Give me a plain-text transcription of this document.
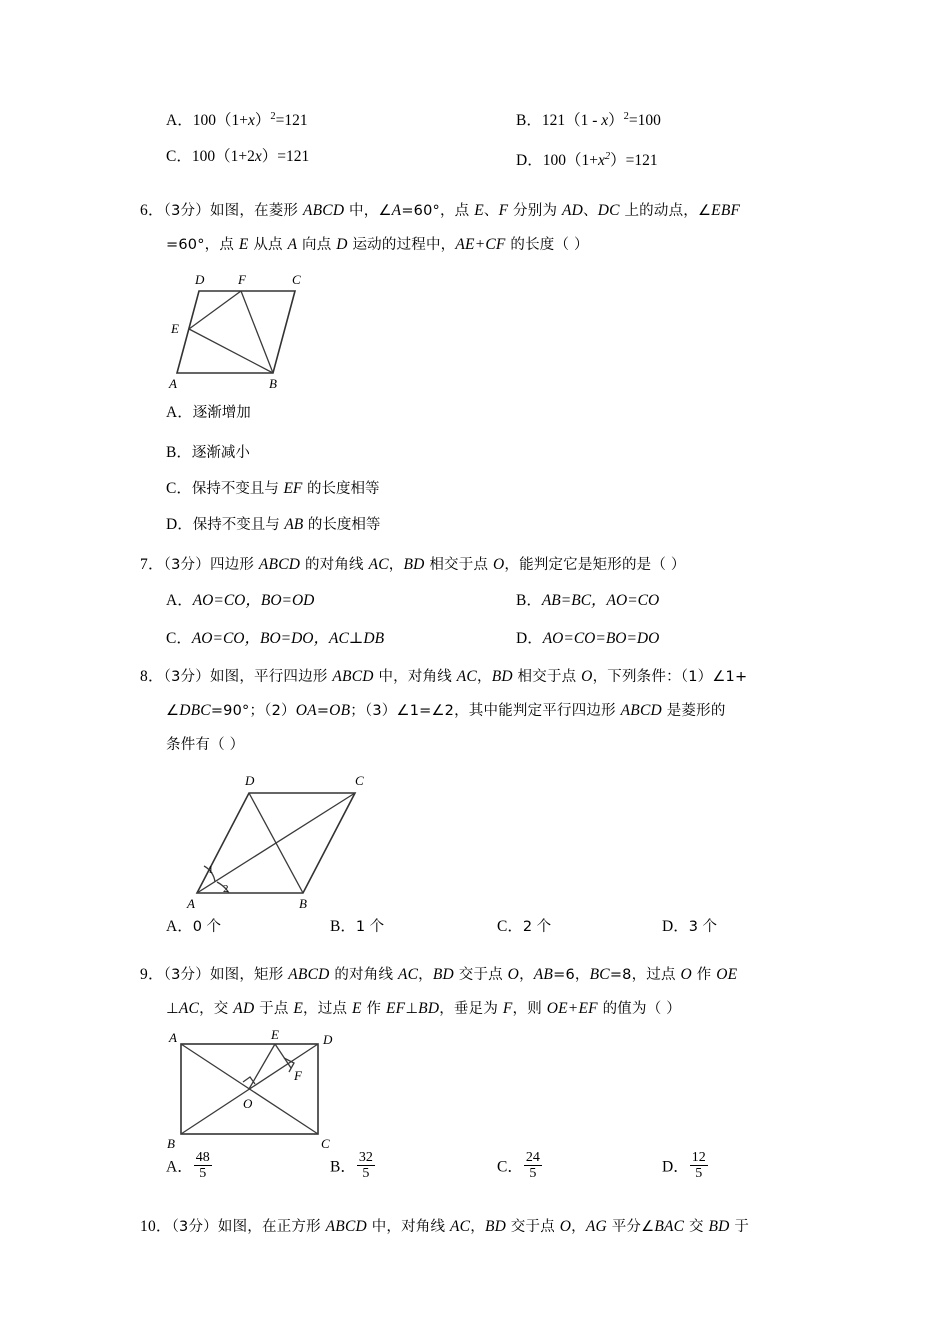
A．$100(1+x)^2=121$	B．121（1 - x）$^2$=100
C．100（1+2x）=121	D．$100(1+x^2)=121$
6．（3分）如图，在菱形 ABCD 中，∠A=60°，点 E、F 分别为 AD、DC 上的动点，∠EBF
=60°，点 E 从点 A 向点 D 运动的过程中，AE+CF 的长度（ ）
D	F	C
E
A	B
A．逐渐增加
B．逐渐减小
C．保持不变且与 EF 的长度相等
D．保持不变且与 AB 的长度相等
7．（3分）四边形 ABCD 的对角线 AC，BD 相交于点 O，能判定它是矩形的是（ ）
A．AO=CO，BO=OD	B．AB=BC，AO=CO
C．AO=CO，BO=DO，AC⊥DB	D．AO=CO=BO=DO
8．（3分）如图，平行四边形 ABCD 中，对角线 AC，BD 相交于点 O，下列条件：（1）∠1+
∠DBC=90°；（2）OA=OB；（3）∠1=∠2，其中能判定平行四边形 ABCD 是菱形的
条件有（ ）
D	C
A	B
1
2
A．0 个	B．1 个	C．2 个	D．3 个
9．（3分）如图，矩形 ABCD 的对角线 AC，BD 交于点 O，AB=6，BC=8，过点 O 作 OE
⊥AC，交 AD 于点 E，过点 E 作 EF⊥BD，垂足为 F，则 OE+EF 的值为（ ）
A	D
E
F
O
B	C
A． $\frac{48}{5}$	B． $\frac{32}{5}$	C． $\frac{24}{5}$	D． $\frac{12}{5}$
10．（3分）如图，在正方形 ABCD 中，对角线 AC，BD 交于点 O，AG 平分∠BAC 交 BD 于
